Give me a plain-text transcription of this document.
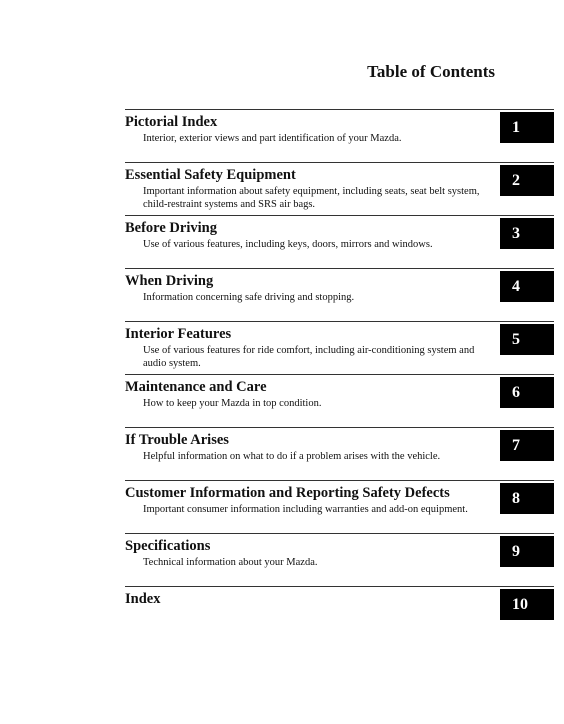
Table of Contents
Pictorial Index
Interior, exterior views and part identification of your Mazda.
1
Essential Safety Equipment
Important information about safety equipment, including seats, seat belt system, child-restraint systems and SRS air bags.
2
Before Driving
Use of various features, including keys, doors, mirrors and windows.
3
When Driving
Information concerning safe driving and stopping.
4
Interior Features
Use of various features for ride comfort, including air-conditioning system and audio system.
5
Maintenance and Care
How to keep your Mazda in top condition.
6
If Trouble Arises
Helpful information on what to do if a problem arises with the vehicle.
7
Customer Information and Reporting Safety Defects
Important consumer information including warranties and add-on equipment.
8
Specifications
Technical information about your Mazda.
9
Index	10
